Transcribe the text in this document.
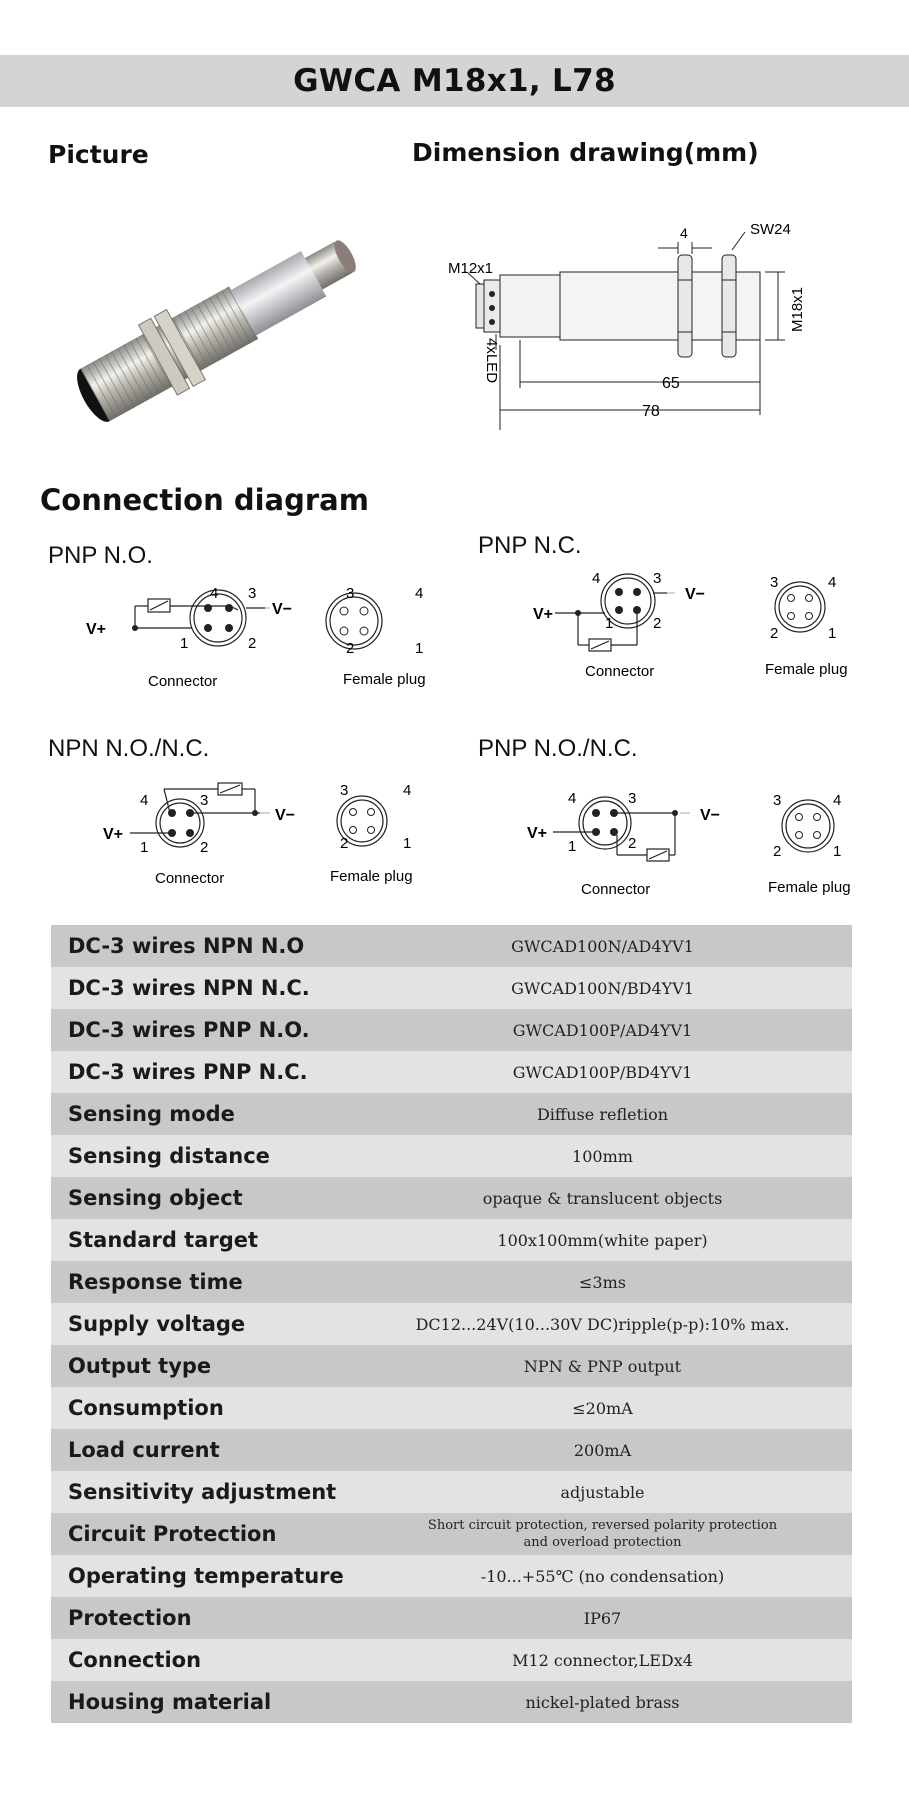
GWCA M18x1, L78
Picture	Dimension drawing(mm)
M12x1
SW24
4
4xLED
M18x1
65
78
Connection diagram
PNP N.O.
4 3
1	2
V+
V−
3	4
2	1
Connector	Female plug
PNP N.C.
4	3
1	2
V+
V−
3	4
2	1
Connector	Female plug
NPN N.O./N.C.
4	3
1	2
V+
V−
3	4
2	1
Connector	Female plug
PNP N.O./N.C.
4	3
1	2
V+
V−
3	4
2	1
Connector	Female plug
DC-3 wires NPN N.O	GWCAD100N/AD4YV1
DC-3 wires NPN N.C.	GWCAD100N/BD4YV1
DC-3 wires PNP N.O.	GWCAD100P/AD4YV1
DC-3 wires PNP N.C.	GWCAD100P/BD4YV1
Sensing mode	Diffuse refletion
Sensing distance	100mm
Sensing object	opaque & translucent objects
Standard target	100x100mm(white paper)
Response time	≤3ms
Supply voltage	DC12...24V(10...30V DC)ripple(p-p):10% max.
Output type	NPN & PNP output
Consumption	≤20mA
Load current	200mA
Sensitivity adjustment	adjustable
Circuit Protection	Short circuit protection, reversed polarity protection
and overload protection
Operating temperature	-10...+55℃ (no condensation)
Protection	IP67
Connection	M12 connector,LEDx4
Housing material	nickel-plated brass
